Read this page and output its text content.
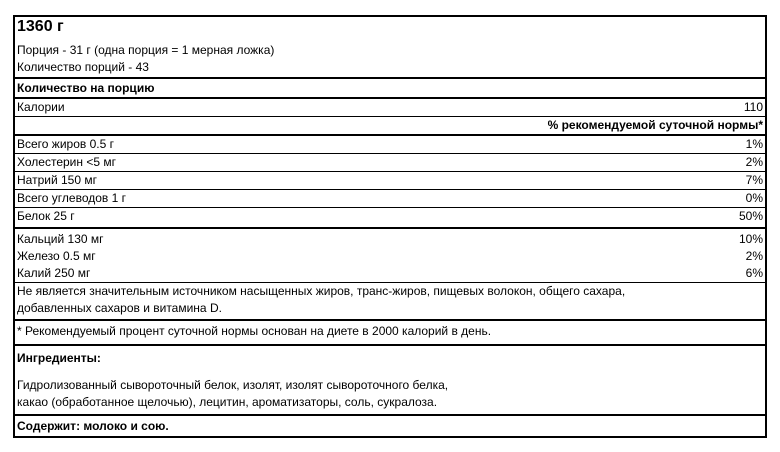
1360 г
Порция - 31 г (одна порция = 1 мерная ложка)
Количество порций - 43
Количество на порцию
Калории	110
% рекомендуемой суточной нормы*
Всего жиров 0.5 г	1%
Холестерин <5 мг	2%
Натрий 150 мг	7%
Всего углеводов 1 г	0%
Белок 25 г	50%
Кальций 130 мг	10%
Железо 0.5 мг	2%
Калий 250 мг	6%
Не является значительным источником насыщенных жиров, транс-жиров, пищевых волокон, общего сахара,
добавленных сахаров и витамина D.
* Рекомендуемый процент суточной нормы основан на диете в 2000 калорий в день.
Ингредиенты:
Гидролизованный сывороточный белок, изолят, изолят сывороточного белка,
какао (обработанное щелочью), лецитин, ароматизаторы, соль, сукралоза.
Содержит: молоко и сою.
